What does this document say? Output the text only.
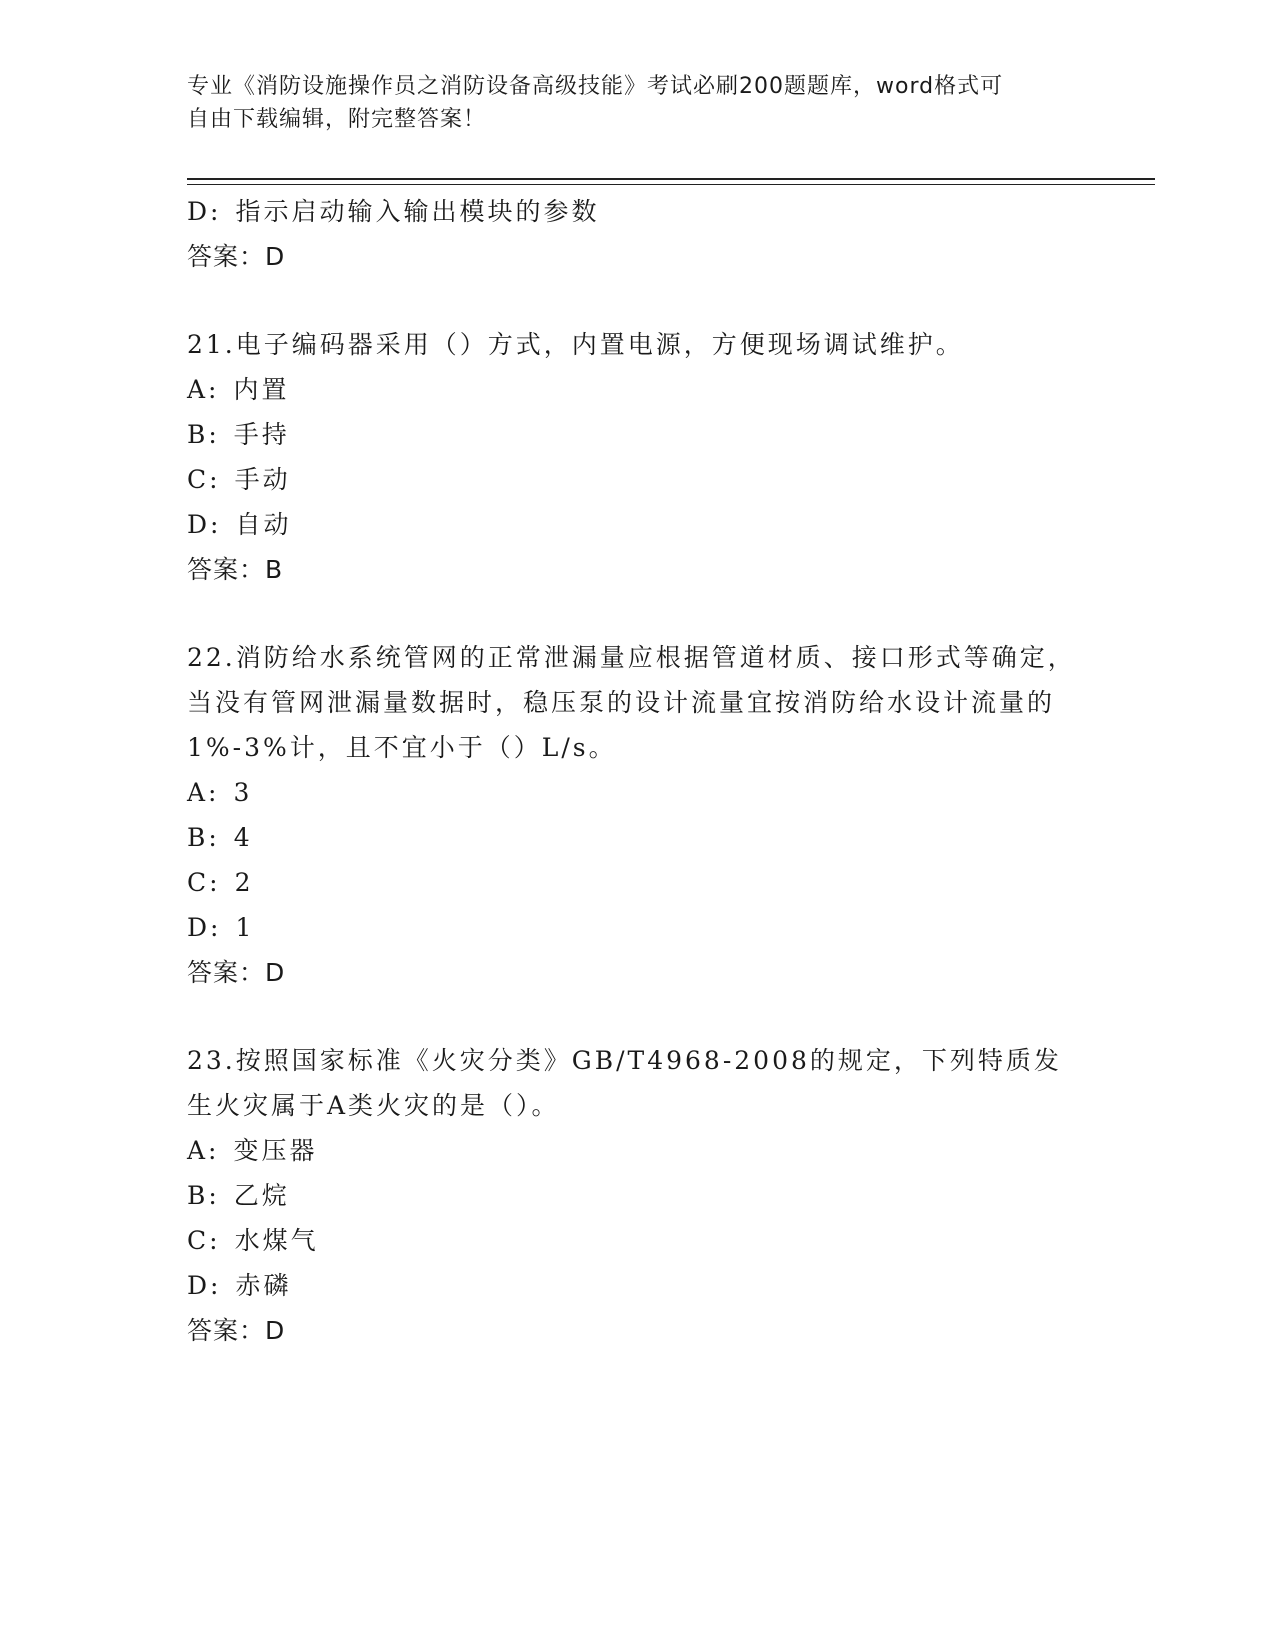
专业《消防设施操作员之消防设备高级技能》考试必刷200题题库，word格式可
自由下载编辑，附完整答案！
D: 指示启动输入输出模块的参数
答案：D
21.电子编码器采用（）方式，内置电源，方便现场调试维护。
A: 内置
B: 手持
C: 手动
D: 自动
答案：B
22.消防给水系统管网的正常泄漏量应根据管道材质、接口形式等确定，当没有管网泄漏量数据时，稳压泵的设计流量宜按消防给水设计流量的1%-3%计，且不宜小于（）L/s。
A: 3
B: 4
C: 2
D: 1
答案：D
23.按照国家标准《火灾分类》GB/T4968-2008的规定，下列特质发生火灾属于A类火灾的是（）。
A: 变压器
B: 乙烷
C: 水煤气
D: 赤磷
答案：D
